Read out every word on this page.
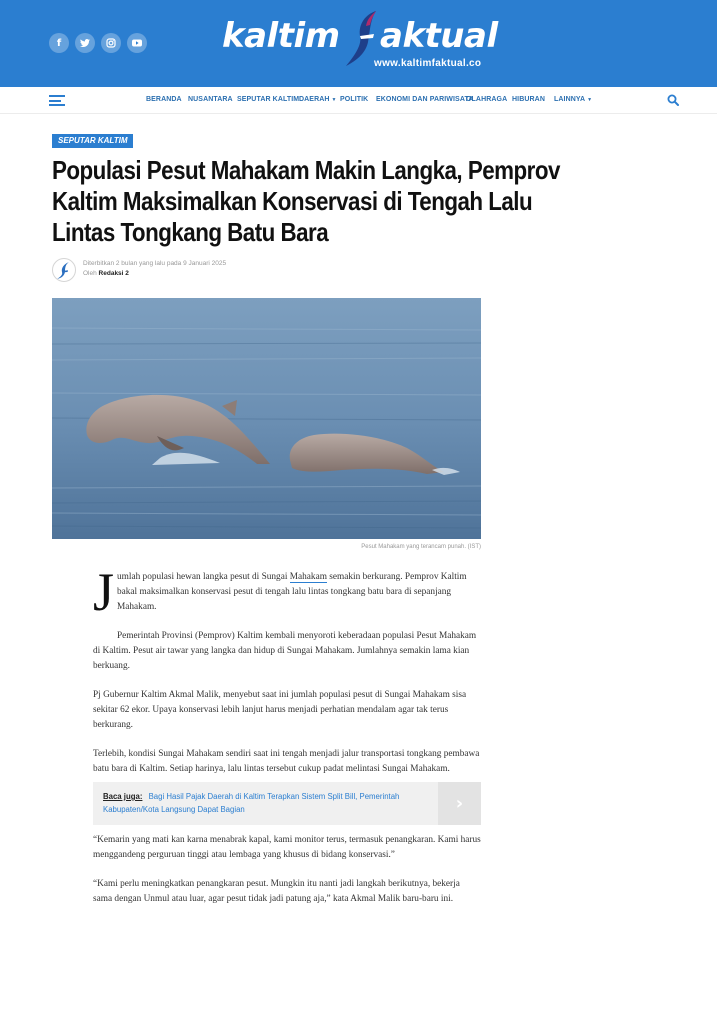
f	kaltim aktual
www.kaltimfaktual.co
BERANDA NUSANTARA SEPUTAR KALTIM DAERAH ▼ POLITIK EKONOMI DAN PARIWISATA
OLAHRAGA HIBURAN LAINNYA ▼
SEPUTAR KALTIM
Populasi Pesut Mahakam Makin Langka, Pemprov Kaltim Maksimalkan Konservasi di Tengah Lalu Lintas Tongkang Batu Bara
Diterbitkan 2 bulan yang lalu pada 9 Januari 2025
Oleh Redaksi 2
Pesut Mahakam yang terancam punah. (IST)
J umlah populasi hewan langka pesut di Sungai Mahakam semakin berkurang. Pemprov Kaltim bakal maksimalkan konservasi pesut di tengah lalu lintas tongkang batu bara di sepanjang Mahakam.

Pemerintah Provinsi (Pemprov) Kaltim kembali menyoroti keberadaan populasi Pesut Mahakam di Kaltim. Pesut air tawar yang langka dan hidup di Sungai Mahakam. Jumlahnya semakin lama kian berkuang.

Pj Gubernur Kaltim Akmal Malik, menyebut saat ini jumlah populasi pesut di Sungai Mahakam sisa sekitar 62 ekor. Upaya konservasi lebih lanjut harus menjadi perhatian mendalam agar tak terus berkurang.

Terlebih, kondisi Sungai Mahakam sendiri saat ini tengah menjadi jalur transportasi tongkang pembawa batu bara di Kaltim. Setiap harinya, lalu lintas tersebut cukup padat melintasi Sungai Mahakam.

Baca juga: Bagi Hasil Pajak Daerah di Kaltim Terapkan Sistem Split Bill, Pemerintah Kabupaten/Kota Langsung Dapat Bagian	›

“Kemarin yang mati kan karna menabrak kapal, kami monitor terus, termasuk penangkaran. Kami harus menggandeng perguruan tinggi atau lembaga yang khusus di bidang konservasi.”

“Kami perlu meningkatkan penangkaran pesut. Mungkin itu nanti jadi langkah berikutnya, bekerja sama dengan Unmul atau luar, agar pesut tidak jadi patung aja,” kata Akmal Malik baru-baru ini.
